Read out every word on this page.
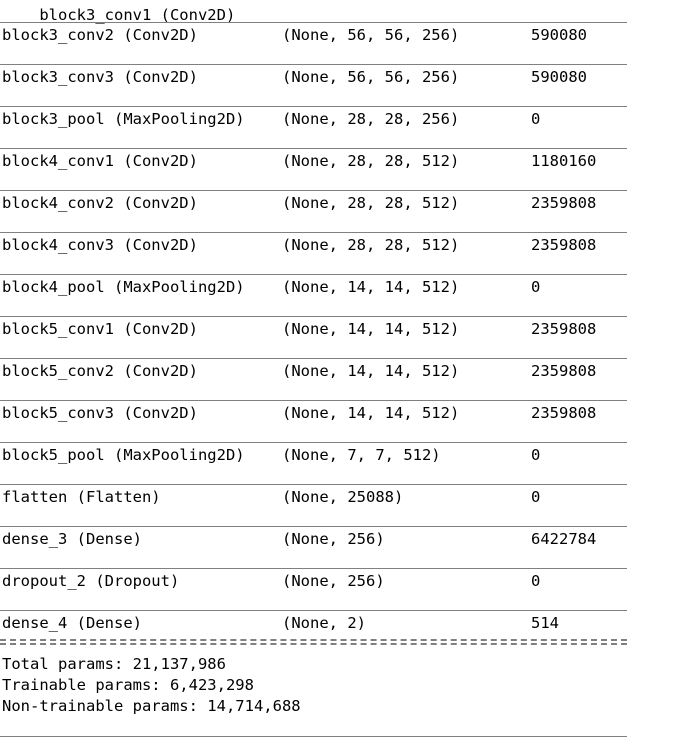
block3_conv1 (Conv2D)

block3_conv2 (Conv2D)	(None, 56, 56, 256)	590080
block3_conv3 (Conv2D)	(None, 56, 56, 256)	590080
block3_pool (MaxPooling2D) (None, 28, 28, 256)	0
block4_conv1 (Conv2D)	(None, 28, 28, 512)	1180160
block4_conv2 (Conv2D)	(None, 28, 28, 512)	2359808
block4_conv3 (Conv2D)	(None, 28, 28, 512)	2359808
block4_pool (MaxPooling2D) (None, 14, 14, 512)	0
block5_conv1 (Conv2D)	(None, 14, 14, 512)	2359808
block5_conv2 (Conv2D)	(None, 14, 14, 512)	2359808
block5_conv3 (Conv2D)	(None, 14, 14, 512)	2359808
block5_pool (MaxPooling2D) (None, 7, 7, 512)	0
flatten (Flatten)	(None, 25088)	0
dense_3 (Dense)	(None, 256)	6422784
dropout_2 (Dropout)	(None, 256)	0
dense_4 (Dense)	(None, 2)	514
Total params: 21,137,986
Trainable params: 6,423,298
Non-trainable params: 14,714,688
